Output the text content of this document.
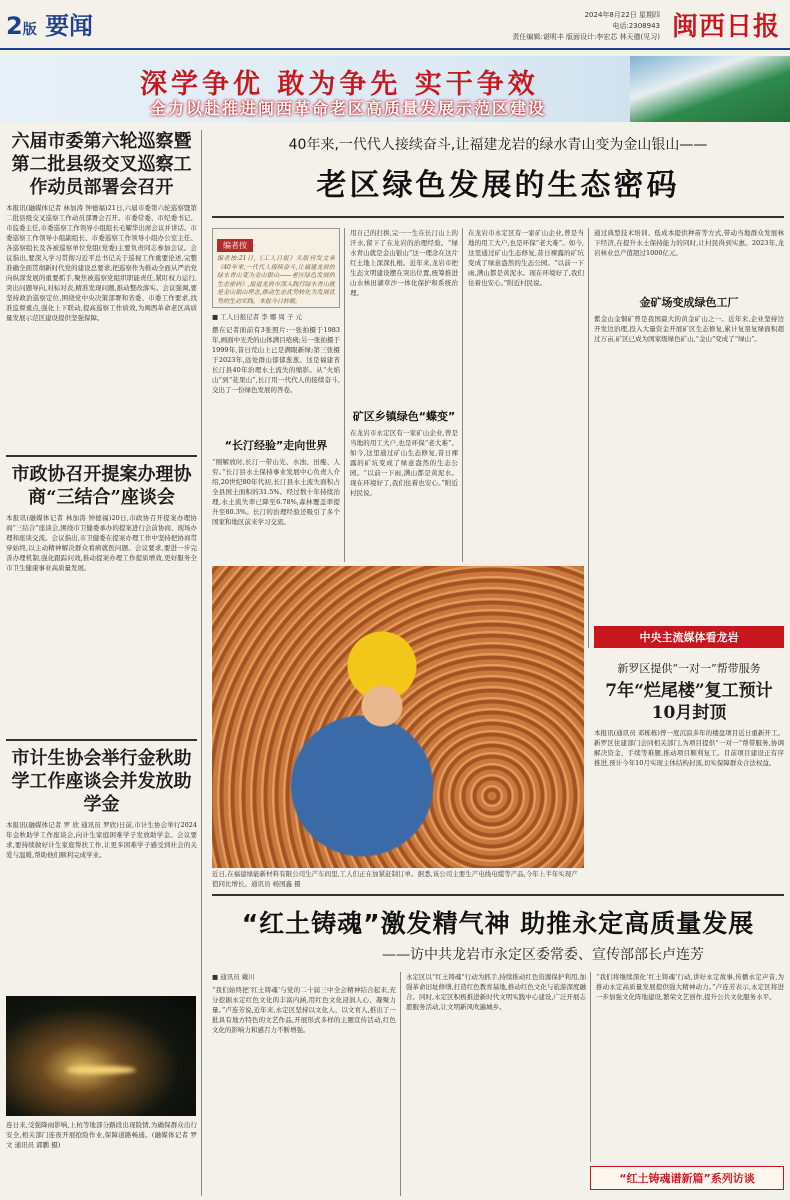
2版 要闻	2024年8月22日 星期四
电话:2308943
责任编辑:谌明丰 版面设计:李宏芯 林天德(见习) 闽西日报
深学争优 敢为争先 实干争效
全力以赴推进闽西革命老区高质量发展示范区建设
六届市委第六轮巡察暨第二批县级交叉巡察工作动员部署会召开
本报讯(融媒体记者 林加涛 钟德福)21日,六届市委第六轮巡察暨第二批县级交叉巡察工作动员部署会召开。市委常委、市纪委书记、市监委主任,市委巡察工作领导小组组长毛耀华出席会议并讲话。市委巡察工作领导小组副组长、市委巡察工作领导小组办公室主任、各巡察组长及各被巡察单位党组(党委)主要负责同志参加会议。会议指出,要深入学习贯彻习近平总书记关于巡视工作重要论述,完整准确全面贯彻新时代党的建设总要求,把巡察作为推动全面从严治党向纵深发展的重要抓手,聚焦被巡察党组织职能责任,紧盯权力运行,突出问题导向,对标对表,精准发现问题,推动整改落实。会议强调,要坚持政治巡察定位,围绕党中央决策部署和省委、市委工作要求,找准监督重点,强化上下联动,提高巡察工作质效,为闽西革命老区高质量发展示范区建设提供坚强保障。
市政协召开提案办理协商“三结合”座谈会
本报讯(融媒体记者 林加涛 钟德福)20日,市政协召开提案办理协商“三结合”座谈会,围绕市卫健委承办的提案进行会前协商、现场办理和座谈交流。会议指出,市卫健委在提案办理工作中坚持把协商贯穿始终,以主动精神解决群众看病就医问题。会议要求,要进一步完善办理机制,强化跟踪问效,推动提案办理工作提质增效,更好服务全市卫生健康事业高质量发展。
市计生协会举行金秋助学工作座谈会并发放助学金
本报讯(融媒体记者 罗 欣 通讯员 罗欣)日前,市计生协会举行2024年金秋助学工作座谈会,向计生家庭困难学子发放助学金。会议要求,要持续做好计生家庭帮扶工作,让更多困难学子感受到社会的关爱与温暖,帮助他们顺利完成学业。
连日来,受强降雨影响,上杭等地部分路段出现险情,为确保群众出行安全,相关部门连夜开展抢险作业,保障道路畅通。(融媒体记者 罗 文 通讯员 郭鹏 摄)
40年来,一代代人接续奋斗,让福建龙岩的绿水青山变为金山银山——
老区绿色发展的生态密码
编者按
编者按:21日,《工人日报》头版刊发文章《40年来,一代代人接续奋斗,让福建龙岩的绿水青山变为金山银山——老区绿色发展的生态密码》,报道龙岩市深入践行绿水青山就是金山银山理念,推动生态优势转化为发展优势的生动实践。本报今日转载。
■ 工人日报记者 李 娜 周 子 元
摆在记者面前有3张照片:一张拍摄于1983年,画面中光秃的山体满目疮痍;另一张拍摄于1999年,昔日荒山上已是满眼新绿;第三张摄于2023年,远处群山郁郁葱葱。这是福建省长汀县40年治理水土流失的缩影。从“火焰山”到“花果山”,长汀用一代代人的接续奋斗,交出了一份绿色发展的答卷。
“长汀经验”走向世界
“刚解放时,长汀一带山光、水浊、田瘦、人穷。”长汀县水土保持事业发展中心负责人介绍,20世纪80年代初,长汀县水土流失面积占全县国土面积的31.5%。经过数十年持续治理,水土流失率已降至6.78%,森林覆盖率提升至80.3%。长汀的治理经验还吸引了多个国家和地区前来学习交流。
用自己的打拼,完一一生在长汀山上的汗水,留下了在龙岩的治理经验。“绿水青山就是金山银山”这一理念在这片红土地上深深扎根。近年来,龙岩市把生态文明建设摆在突出位置,统筹推进山水林田湖草沙一体化保护和系统治理。
矿区乡镇绿色“蝶变”
在龙岩市永定区有一家矿山企业,曾是当地的用工大户,也是环保“老大难”。如今,这里通过矿山生态修复,昔日裸露的矿坑变成了绿意盎然的生态公园。“以前一下雨,满山都是黄泥水。现在环境好了,我们住着也安心。”附近村民说。
在龙岩市永定区有一家矿山企业,曾是当地的用工大户,也是环保“老大难”。如今,这里通过矿山生态修复,昔日裸露的矿坑变成了绿意盎然的生态公园。“以前一下雨,满山都是黄泥水。现在环境好了,我们住着也安心。”附近村民说。
通过典型技术培训、低成本提供种苗等方式,带动当地群众发展林下经济,在提升水土保持能力的同时,让村民得到实惠。2023年,龙岩林业总产值超过1000亿元。
金矿场变成绿色工厂
紫金山金铜矿曾是我国最大的黄金矿山之一。近年来,企业坚持边开发边治理,投入大量资金开展矿区生态修复,累计复垦复绿面积超过万亩,矿区已成为国家级绿色矿山,“金山”变成了“绿山”。
中央主流媒体看龙岩
新罗区提供“一对一”帮带服务
7年“烂尾楼”复工预计10月封顶
本报讯(通讯员 邓栋栋)曾一度沉寂多年的楼盘项目近日重新开工。新罗区住建部门会同相关部门,为项目提供“一对一”帮带服务,协调解决资金、手续等难题,推动项目顺利复工。目前项目建设正有序推进,预计今年10月实现主体结构封顶,切实保障群众合法权益。
近日,在福建绿能新材料有限公司生产车间里,工人们正在加紧赶制订单。据悉,该公司主要生产电线电缆等产品,今年上半年实现产值同比增长。通讯员 杨国鑫 摄
“红土铸魂”激发精气神 助推永定高质量发展
——访中共龙岩市永定区委常委、宣传部部长卢连芳
■ 通讯员 戴川
“我们始终把‘红土铸魂’与党的二十届三中全会精神结合起来,充分挖掘永定红色文化的丰富内涵,用红色文化浸润人心、凝聚力量。”卢连芳说,近年来,永定区坚持以文化人、以文育人,推出了一批具有地方特色的文艺作品,开展形式多样的主题宣传活动,红色文化的影响力和感召力不断增强。
永定区以“红土铸魂”行动为抓手,持续推动红色资源保护利用,加强革命旧址修缮,打造红色教育基地,推动红色文化与旅游深度融合。同时,永定区积极推进新时代文明实践中心建设,广泛开展志愿服务活动,让文明新风吹遍城乡。
“我们将继续深化‘红土铸魂’行动,讲好永定故事,传播永定声音,为推动永定高质量发展提供强大精神动力。”卢连芳表示,永定区将进一步加强文化阵地建设,繁荣文艺创作,提升公共文化服务水平。
“红土铸魂谱新篇”系列访谈
